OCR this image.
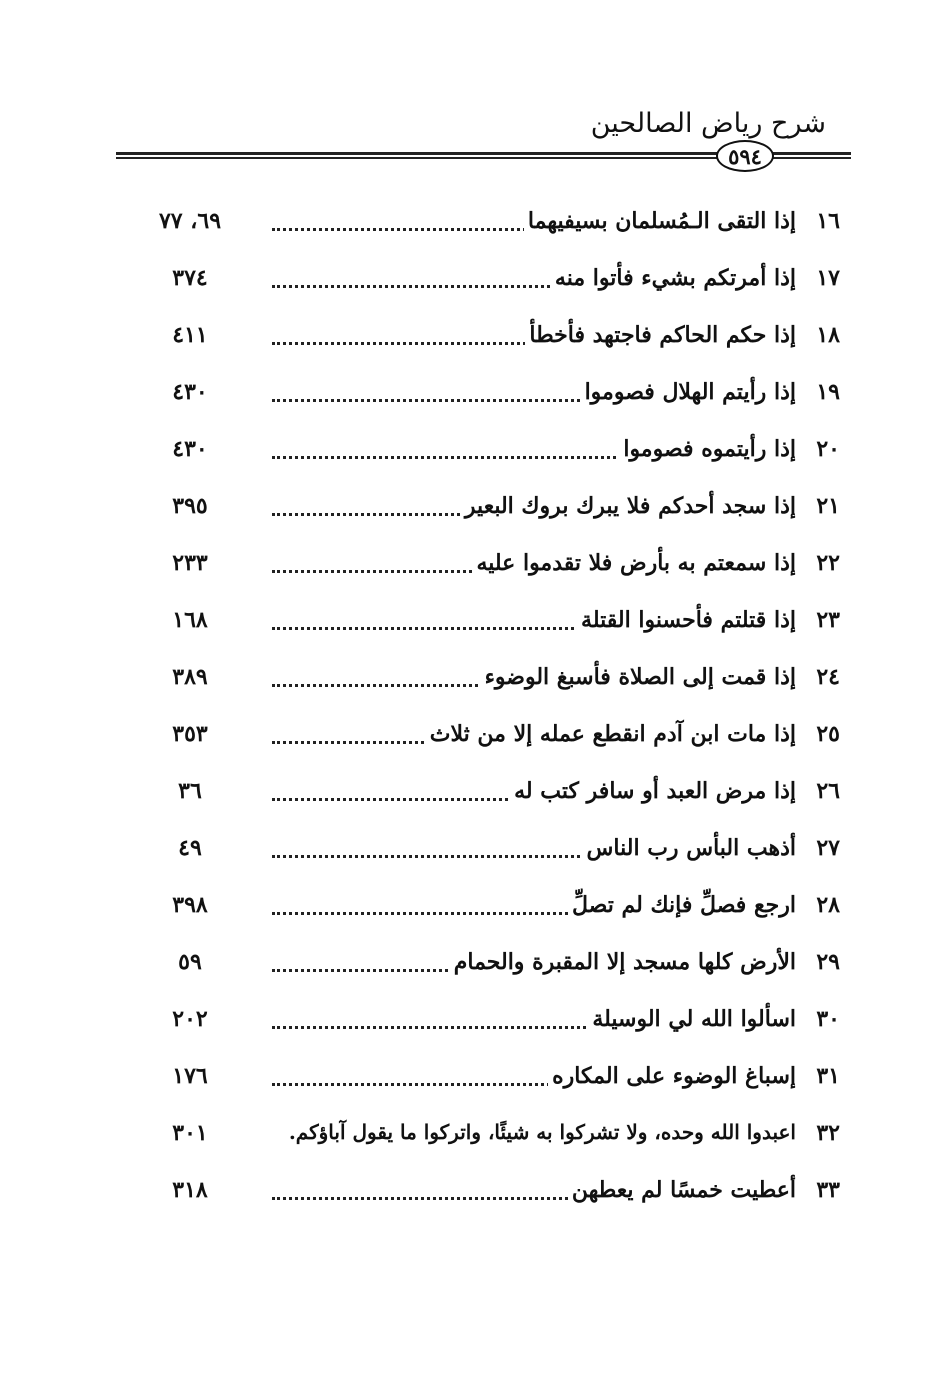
شرح رياض الصالحين
٥٩٤
١٦
إذا التقى الـمُسلمان بسيفيهما
٦٩، ٧٧
١٧
إذا أمرتكم بشيء فأتوا منه
٣٧٤
١٨
إذا حكم الحاكم فاجتهد فأخطأ
٤١١
١٩
إذا رأيتم الهلال فصوموا
٤٣٠
٢٠
إذا رأيتموه فصوموا
٤٣٠
٢١
إذا سجد أحدكم فلا يبرك بروك البعير
٣٩٥
٢٢
إذا سمعتم به بأرض فلا تقدموا عليه
٢٣٣
٢٣
إذا قتلتم فأحسنوا القتلة
١٦٨
٢٤
إذا قمت إلى الصلاة فأسبغ الوضوء
٣٨٩
٢٥
إذا مات ابن آدم انقطع عمله إلا من ثلاث
٣٥٣
٢٦
إذا مرض العبد أو سافر كتب له
٣٦
٢٧
أذهب البأس رب الناس
٤٩
٢٨
ارجع فصلِّ فإنك لم تصلِّ
٣٩٨
٢٩
الأرض كلها مسجد إلا المقبرة والحمام
٥٩
٣٠
اسألوا الله لي الوسيلة
٢٠٢
٣١
إسباغ الوضوء على المكاره
١٧٦
٣٢
اعبدوا الله وحده، ولا تشركوا به شيئًا، واتركوا ما يقول آباؤكم.
٣٠١
٣٣
أعطيت خمسًا لم يعطهن
٣١٨
